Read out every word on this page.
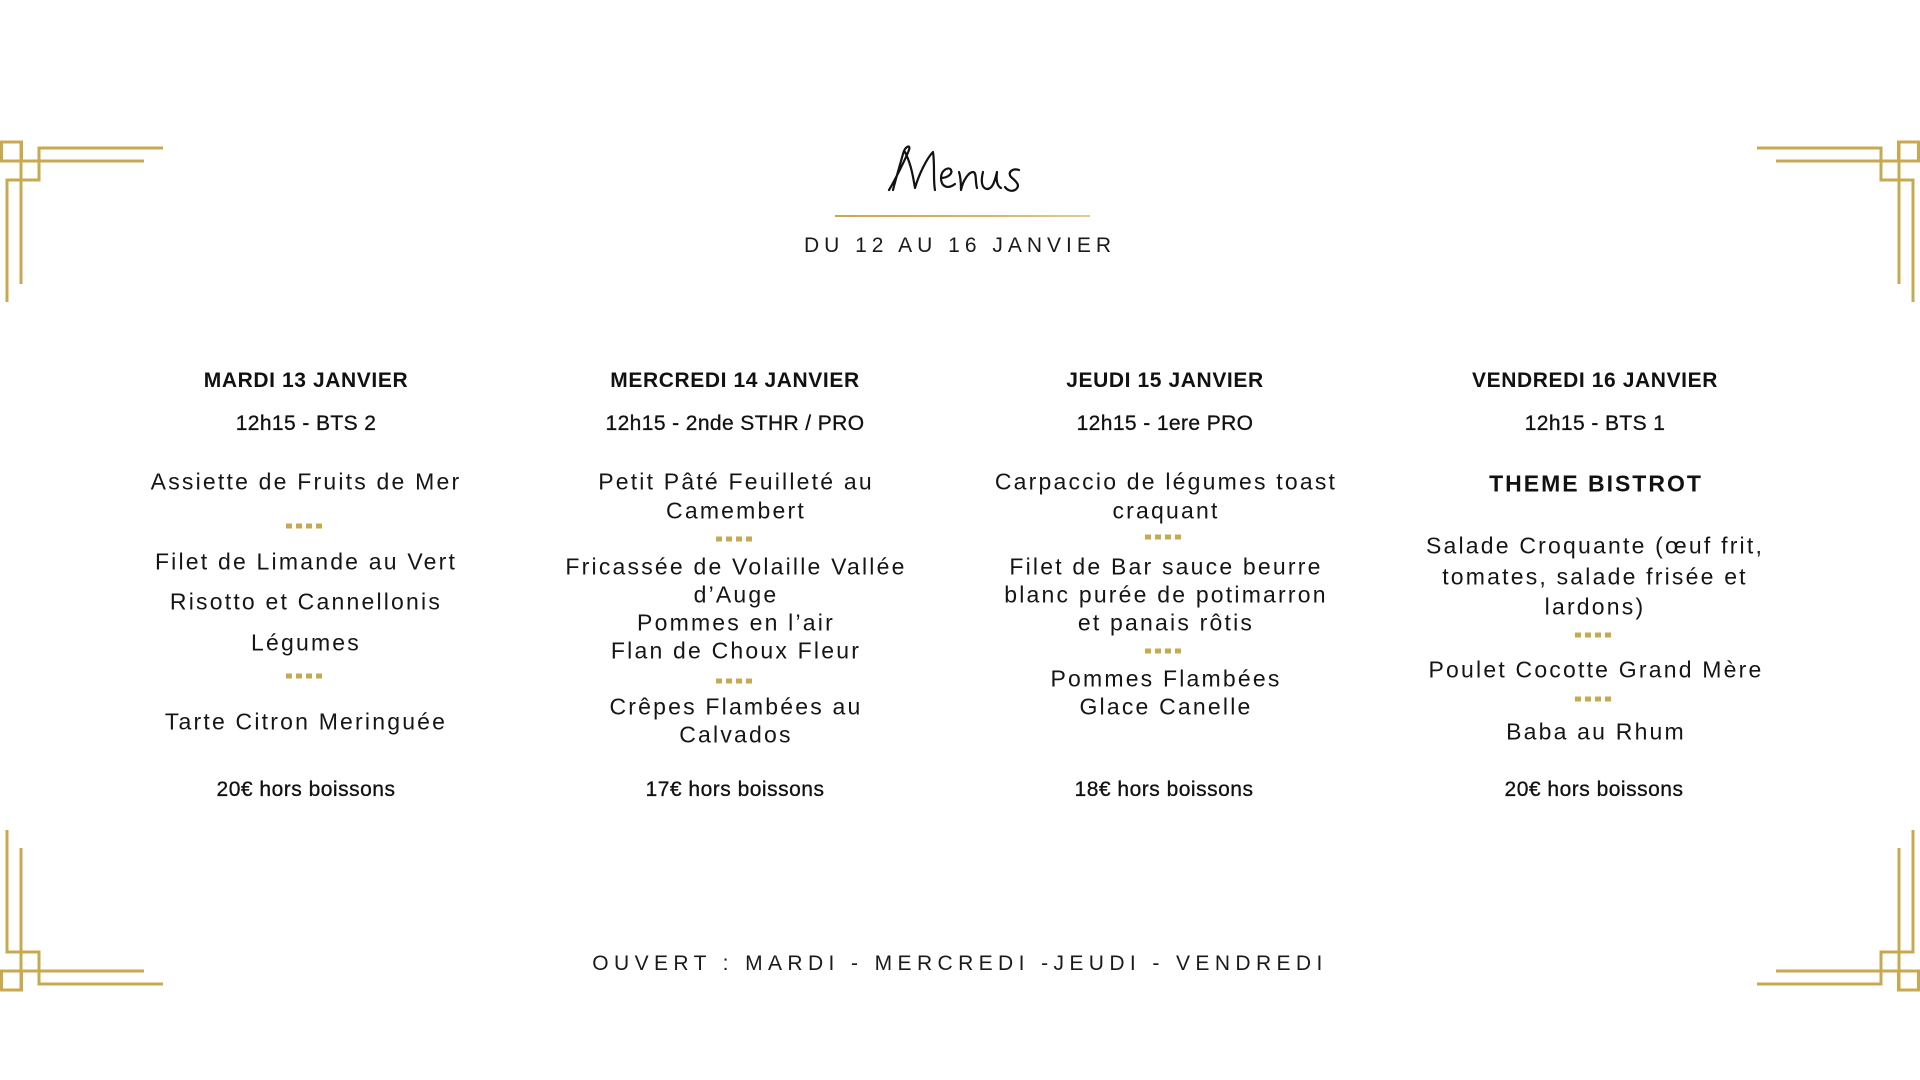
DU 12 AU 16 JANVIER
MARDI 13 JANVIER
12h15 - BTS 2
Assiette de Fruits de Mer
Filet de Limande au Vert
Risotto et Cannellonis
Légumes
Tarte Citron Meringuée
20€ hors boissons
MERCREDI 14 JANVIER
12h15 - 2nde STHR / PRO
Petit Pâté Feuilleté au
Camembert
Fricassée de Volaille Vallée
d’Auge
Pommes en l’air
Flan de Choux Fleur
Crêpes Flambées au
Calvados
17€ hors boissons
JEUDI 15 JANVIER
12h15 - 1ere PRO
Carpaccio de légumes toast
craquant
Filet de Bar sauce beurre
blanc purée de potimarron
et panais rôtis
Pommes Flambées
Glace Canelle
18€ hors boissons
VENDREDI 16 JANVIER
12h15 - BTS 1
THEME BISTROT
Salade Croquante (œuf frit,
tomates, salade frisée et
lardons)
Poulet Cocotte Grand Mère
Baba au Rhum
20€ hors boissons
OUVERT : MARDI - MERCREDI -JEUDI - VENDREDI
